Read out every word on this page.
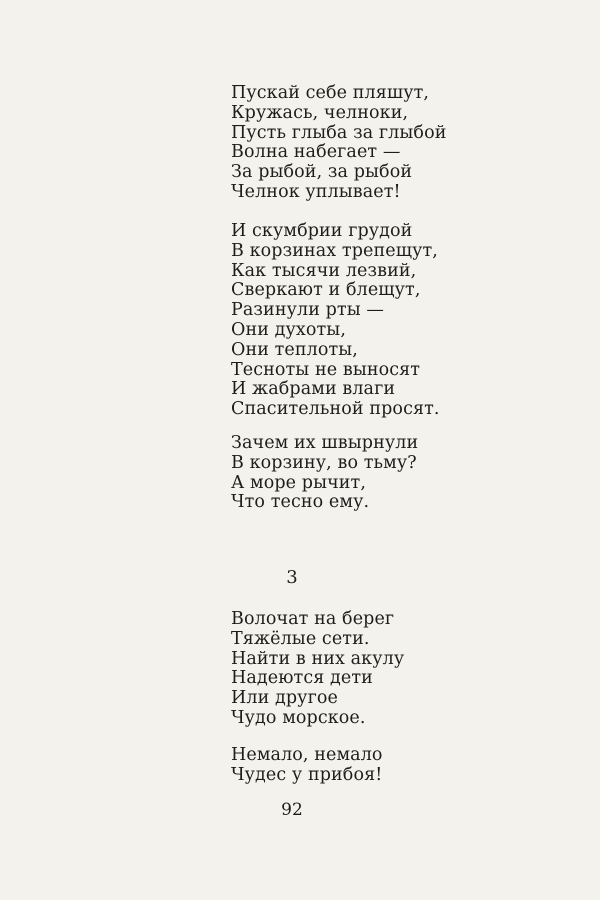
Пускай себе пляшут,
Кружась, челноки,
Пусть глыба за глыбой
Волна набегает —
За рыбой, за рыбой
Челнок уплывает!
И скумбрии грудой
В корзинах трепещут,
Как тысячи лезвий,
Сверкают и блещут,
Разинули рты —
Они духоты,
Они теплоты,
Тесноты не выносят
И жабрами влаги
Спасительной просят.
Зачем их швырнули
В корзину, во тьму?
А море рычит,
Что тесно ему.
3
Волочат на берег
Тяжёлые сети.
Найти в них акулу
Надеются дети
Или другое
Чудо морское.
Немало, немало
Чудес у прибоя!
92
